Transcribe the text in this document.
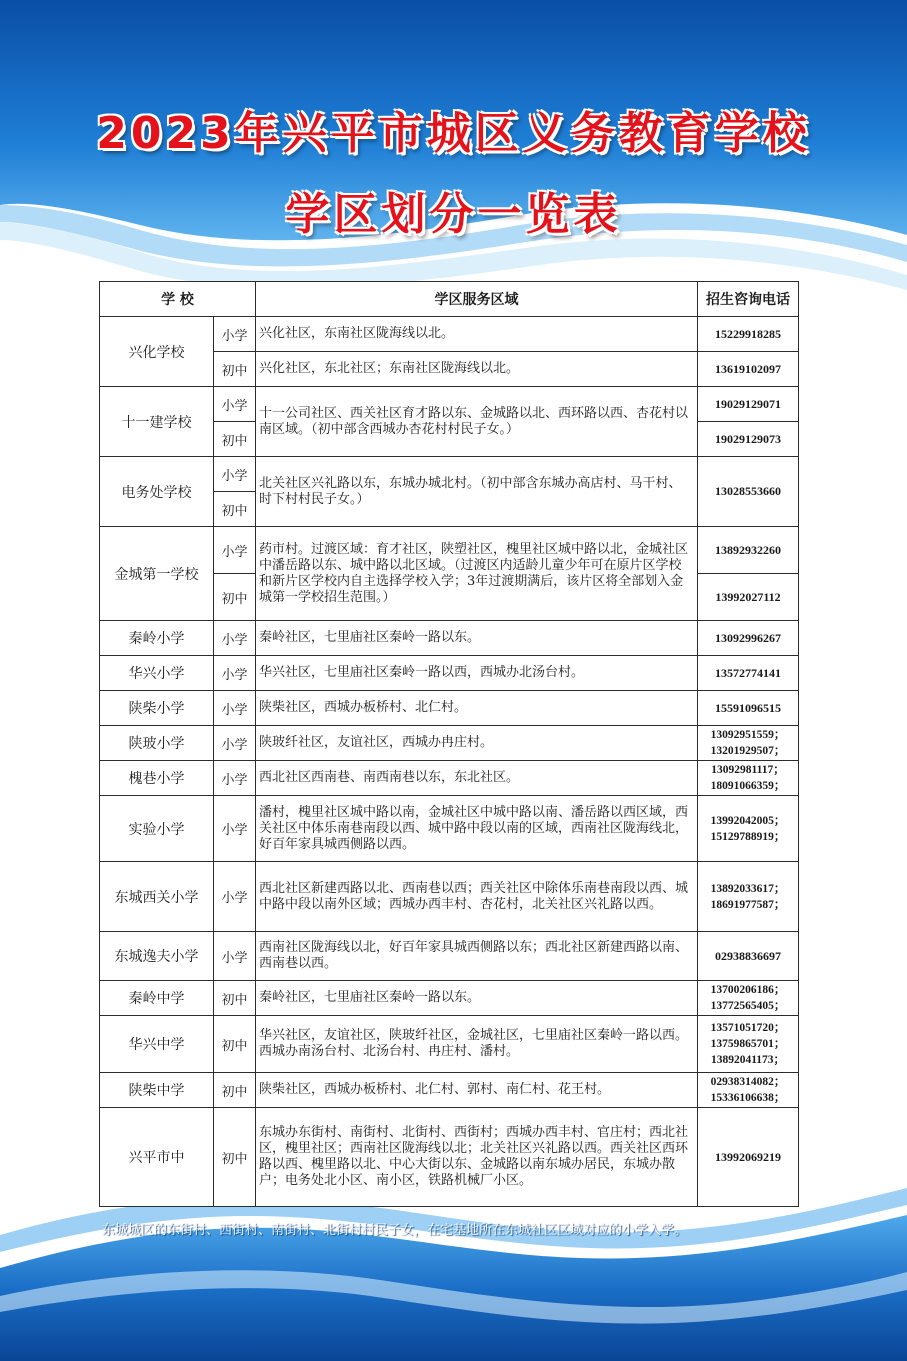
2023年兴平市城区义务教育学校
学区划分一览表
学 校		学区服务区域	招生咨询电话
兴化学校	小学	兴化社区，东南社区陇海线以北。	15229918285
	初中	兴化社区，东北社区；东南社区陇海线以北。	13619102097
十一建学校	小学	十一公司社区、西关社区育才路以东、金城路以北、西环路以西、杏花村以南区域。（初中部含西城办杏花村村民子女。）	19029129071
	初中		19029129073
电务处学校	小学	北关社区兴礼路以东，东城办城北村。（初中部含东城办高店村、马干村、时下村村民子女。）	13028553660
	初中		
金城第一学校	小学	药市村。过渡区域：育才社区，陕塑社区，槐里社区城中路以北，金城社区中潘岳路以东、城中路以北区域。（过渡区内适龄儿童少年可在原片区学校和新片区学校内自主选择学校入学；3年过渡期满后，该片区将全部划入金城第一学校招生范围。）	13892932260
	初中		13992027112
秦岭小学	小学	秦岭社区，七里庙社区秦岭一路以东。	13092996267
华兴小学	小学	华兴社区，七里庙社区秦岭一路以西，西城办北汤台村。	13572774141
陕柴小学	小学	陕柴社区，西城办板桥村、北仁村。	15591096515
陕玻小学	小学	陕玻纤社区，友谊社区，西城办冉庄村。	13092951559；
13201929507；
槐巷小学	小学	西北社区西南巷、南西南巷以东，东北社区。	13092981117；
18091066359；
实验小学	小学	潘村，槐里社区城中路以南，金城社区中城中路以南、潘岳路以西区域，西关社区中体乐南巷南段以西、城中路中段以南的区域，西南社区陇海线北，好百年家具城西侧路以西。	13992042005；
15129788919；
东城西关小学	小学	西北社区新建西路以北、西南巷以西；西关社区中除体乐南巷南段以西、城中路中段以南外区域；西城办西丰村、杏花村，北关社区兴礼路以西。	13892033617；
18691977587；
东城逸夫小学	小学	西南社区陇海线以北，好百年家具城西侧路以东；西北社区新建西路以南、西南巷以西。	02938836697
秦岭中学	初中	秦岭社区，七里庙社区秦岭一路以东。	13700206186；
13772565405；
华兴中学	初中	华兴社区，友谊社区，陕玻纤社区，金城社区，七里庙社区秦岭一路以西。西城办南汤台村、北汤台村、冉庄村、潘村。	13571051720；
13759865701；
13892041173；
陕柴中学	初中	陕柴社区，西城办板桥村、北仁村、郭村、南仁村、花王村。	02938314082；
15336106638；
兴平市中	初中	东城办东街村、南街村、北街村、西街村；西城办西丰村、官庄村；西北社区，槐里社区；西南社区陇海线以北；北关社区兴礼路以西。西关社区西环路以西、槐里路以北、中心大街以东、金城路以南东城办居民，东城办散户；电务处北小区、南小区，铁路机械厂小区。	13992069219
东城城区的东街村、西街村、南街村、北街村村民子女，在宅基地所在东城社区区域对应的小学入学。
